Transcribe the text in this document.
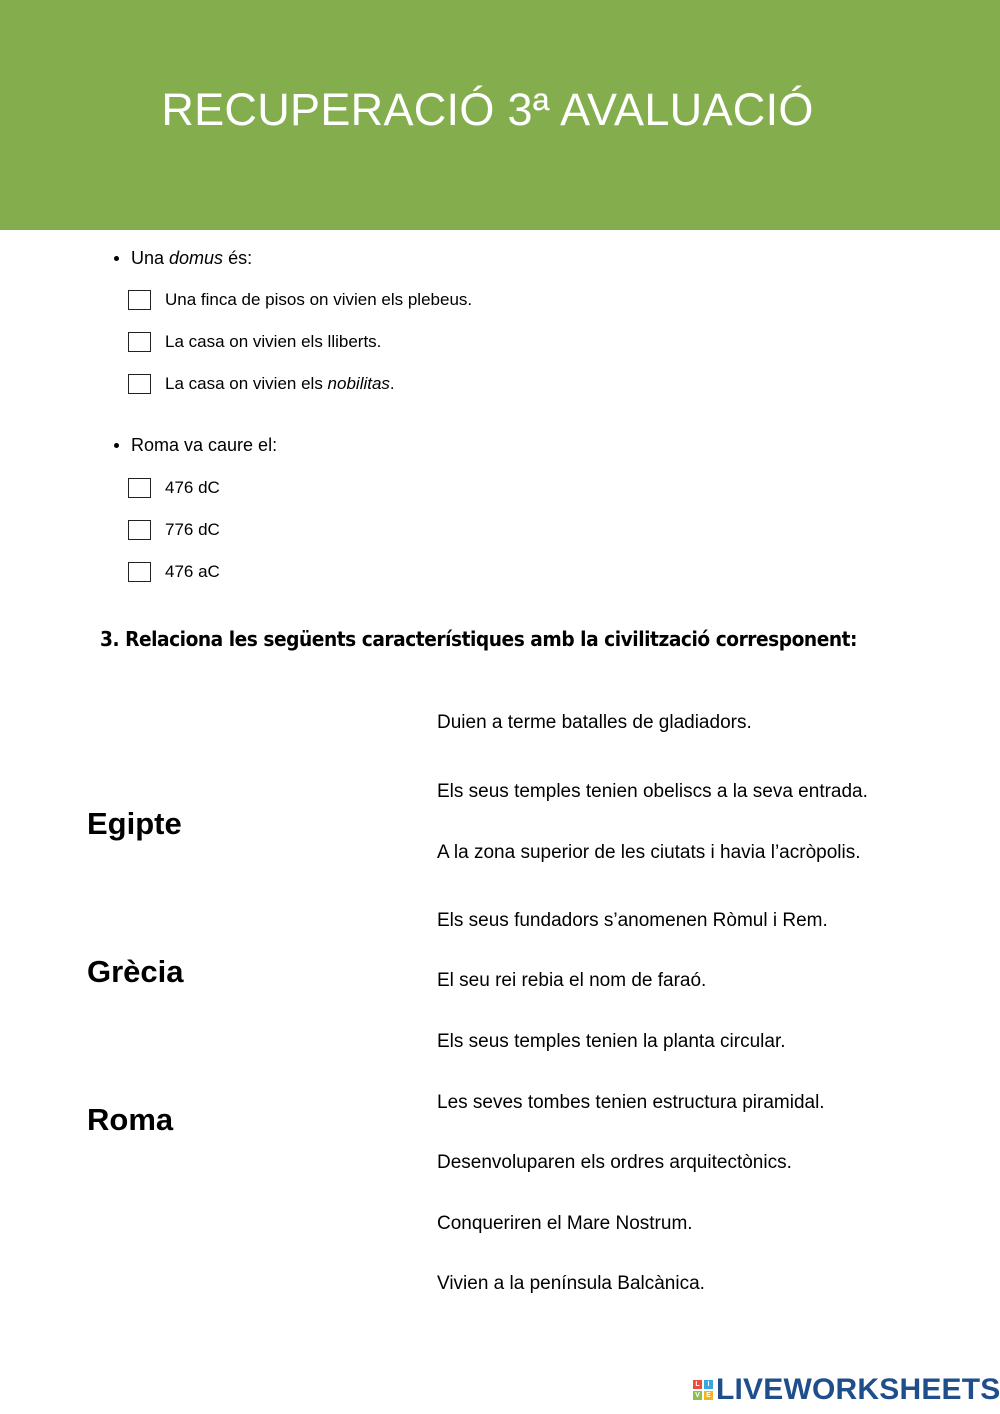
RECUPERACIÓ 3ª AVALUACIÓ
Una domus és:
Una finca de pisos on vivien els plebeus.
La casa on vivien els lliberts.
La casa on vivien els nobilitas.
Roma va caure el:
476 dC
776 dC
476 aC
3. Relaciona les següents característiques amb la civilització corresponent:
Egipte
Grècia
Roma
Duien a terme batalles de gladiadors.
Els seus temples tenien obeliscs a la seva entrada.
A la zona superior de les ciutats i havia l’acròpolis.
Els seus fundadors s’anomenen Ròmul i Rem.
El seu rei rebia el nom de faraó.
Els seus temples tenien la planta circular.
Les seves tombes tenien estructura piramidal.
Desenvoluparen els ordres arquitectònics.
Conqueriren el Mare Nostrum.
Vivien a la península Balcànica.
L	I
V E LIVEWORKSHEETS
